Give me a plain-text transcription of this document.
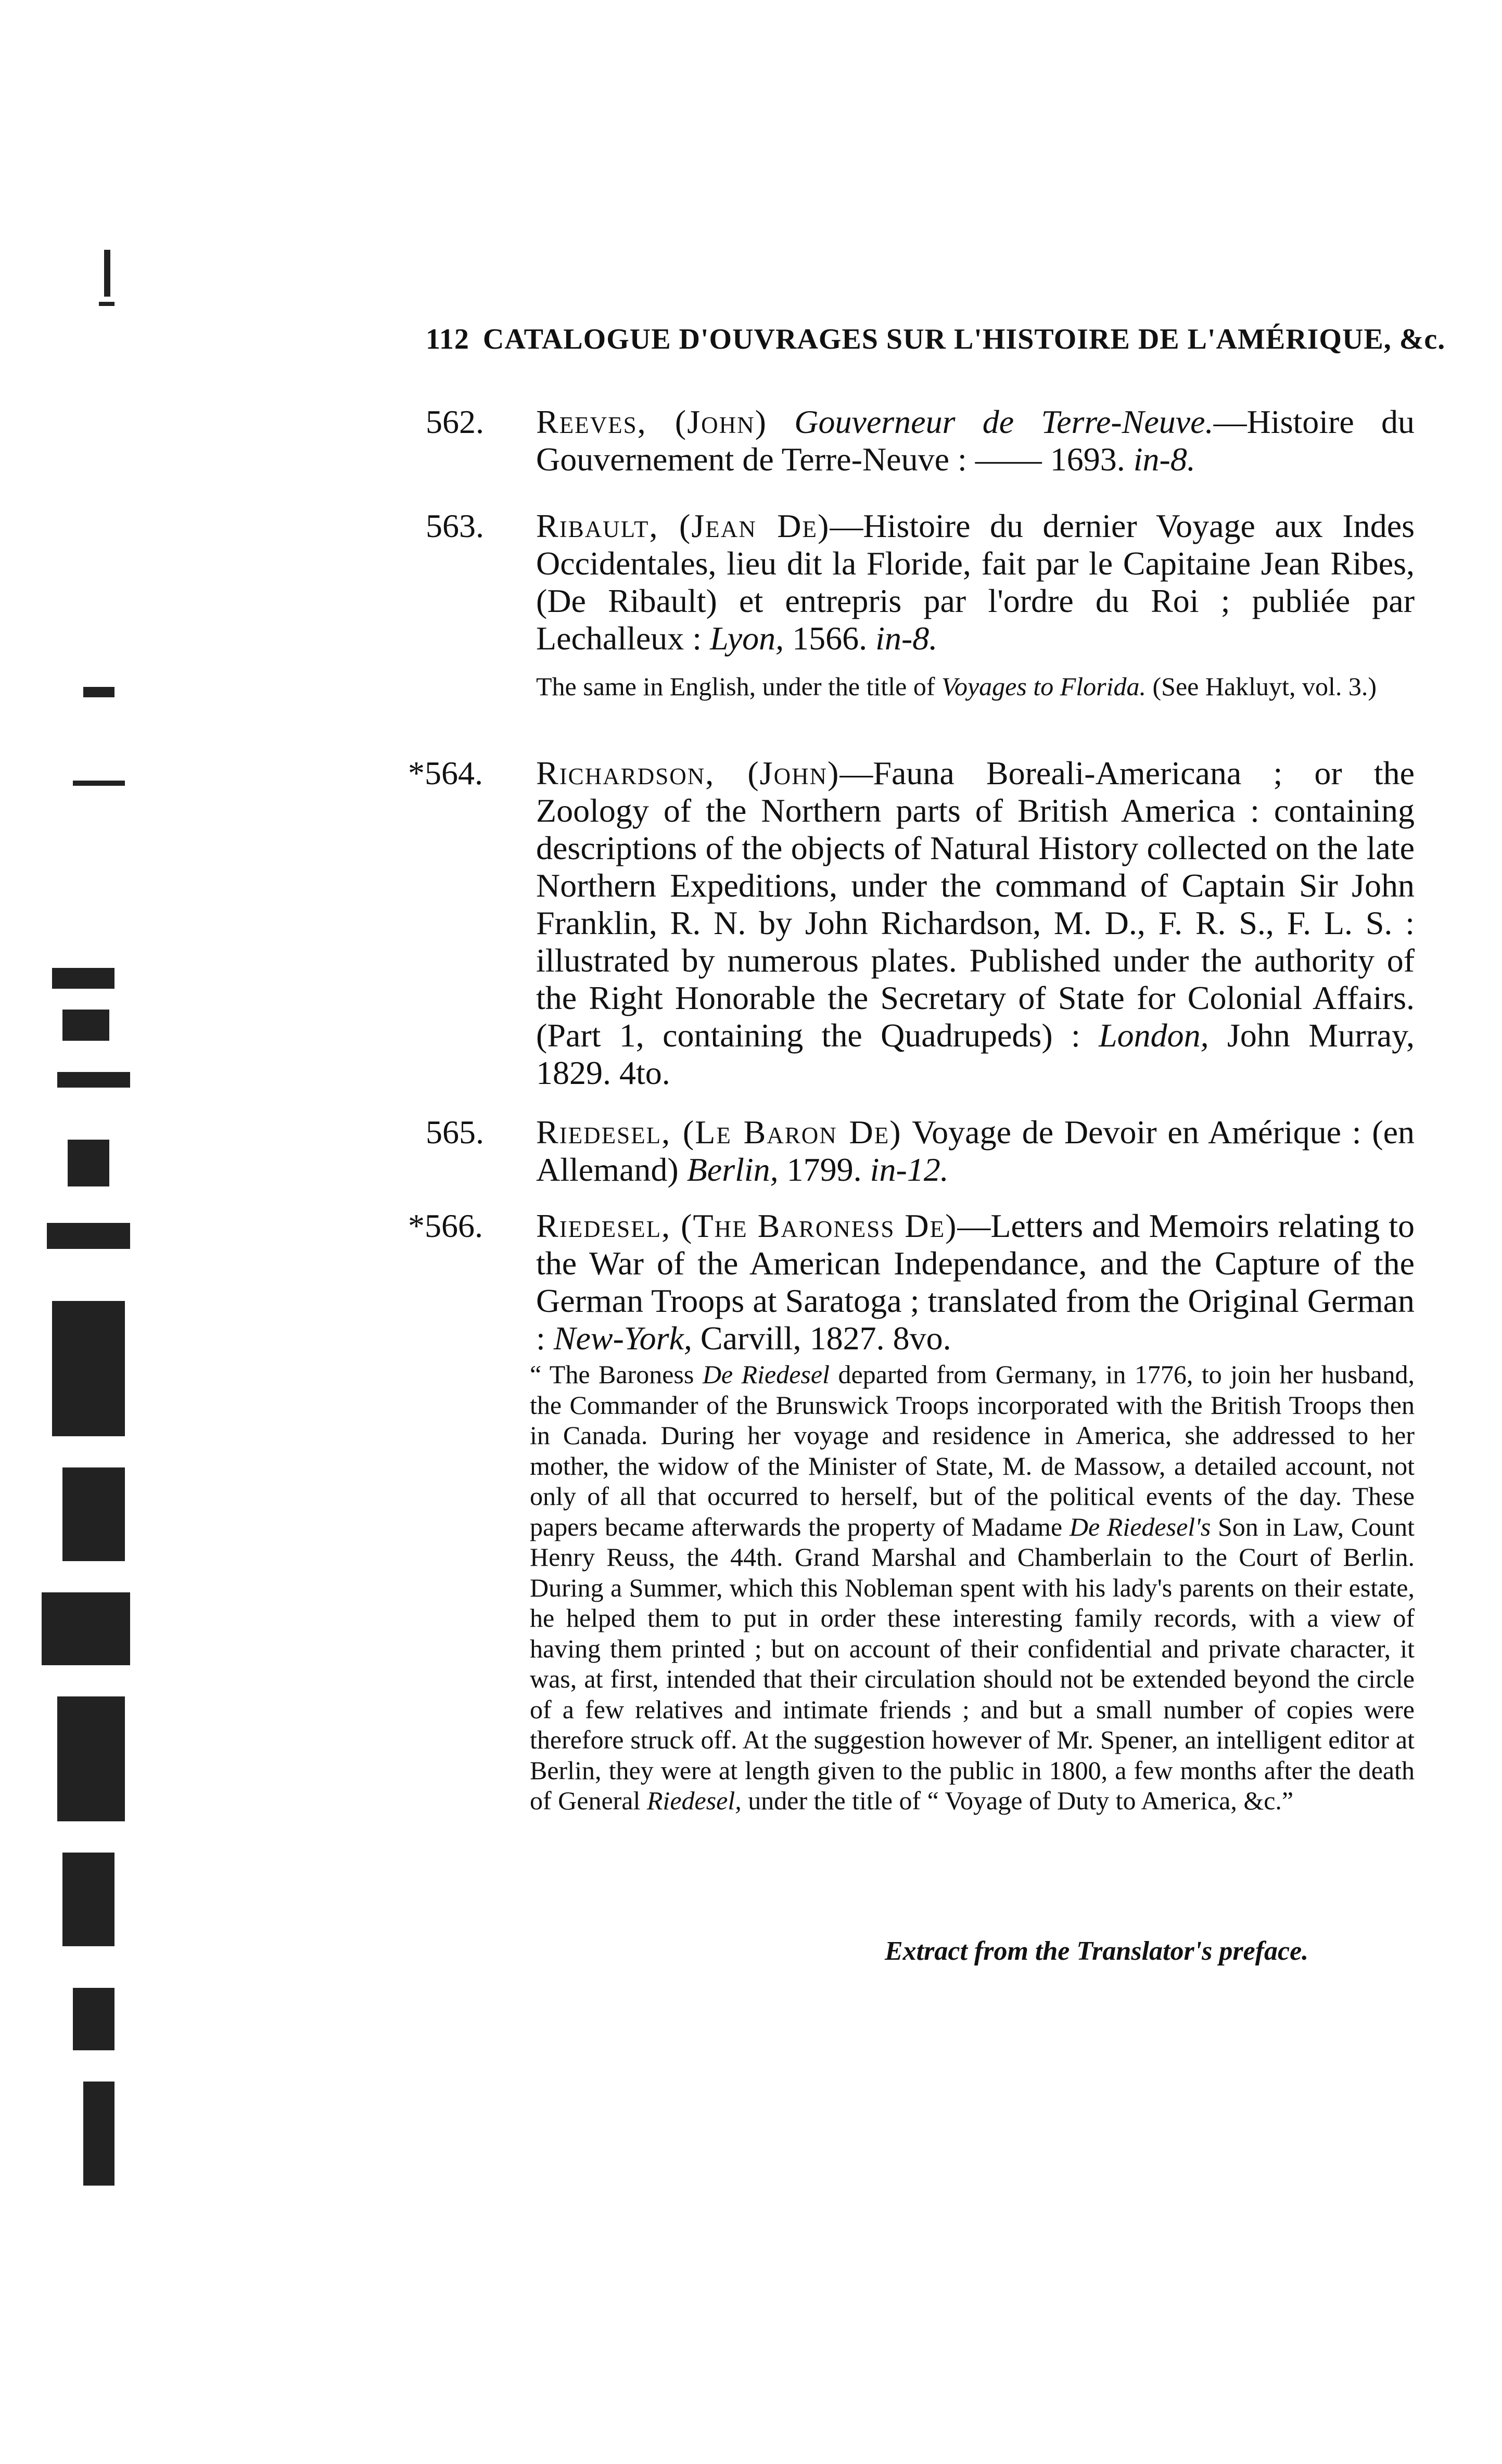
112 CATALOGUE D'OUVRAGES SUR L'HISTOIRE DE L'AMÉRIQUE, &c.
562. Reeves, (John) Gouverneur de Terre-Neuve.—Histoire du Gouvernement de Terre-Neuve : —— 1693. in-8.
563. Ribault, (Jean De)—Histoire du dernier Voyage aux Indes Occidentales, lieu dit la Floride, fait par le Capitaine Jean Ribes, (De Ribault) et entrepris par l'ordre du Roi ; publiée par Lechalleux : Lyon, 1566. in-8.
The same in English, under the title of Voyages to Florida. (See Hakluyt, vol. 3.)
*564. Richardson, (John)—Fauna Boreali-Americana ; or the Zoology of the Northern parts of British America : containing descriptions of the objects of Natural History collected on the late Northern Expeditions, under the command of Captain Sir John Franklin, R. N. by John Richardson, M. D., F. R. S., F. L. S. : illustrated by numerous plates. Published under the authority of the Right Honorable the Secretary of State for Colonial Affairs. (Part 1, containing the Quadrupeds) : London, John Murray, 1829. 4to.
565. Riedesel, (Le Baron De) Voyage de Devoir en Amérique : (en Allemand) Berlin, 1799. in-12.
*566. Riedesel, (The Baroness De)—Letters and Memoirs relating to the War of the American Independance, and the Capture of the German Troops at Saratoga ; translated from the Original German : New-York, Carvill, 1827. 8vo.
“ The Baroness De Riedesel departed from Germany, in 1776, to join her husband, the Commander of the Brunswick Troops incorporated with the British Troops then in Canada. During her voyage and residence in America, she addressed to her mother, the widow of the Minister of State, M. de Massow, a detailed account, not only of all that occurred to herself, but of the political events of the day. These papers became afterwards the property of Madame De Riedesel's Son in Law, Count Henry Reuss, the 44th. Grand Marshal and Chamberlain to the Court of Berlin. During a Summer, which this Nobleman spent with his lady's parents on their estate, he helped them to put in order these interesting family records, with a view of having them printed ; but on account of their confidential and private character, it was, at first, intended that their circulation should not be extended beyond the circle of a few relatives and intimate friends ; and but a small number of copies were therefore struck off. At the suggestion however of Mr. Spener, an intelligent editor at Berlin, they were at length given to the public in 1800, a few months after the death of General Riedesel, under the title of “ Voyage of Duty to America, &c.”
Extract from the Translator's preface.
